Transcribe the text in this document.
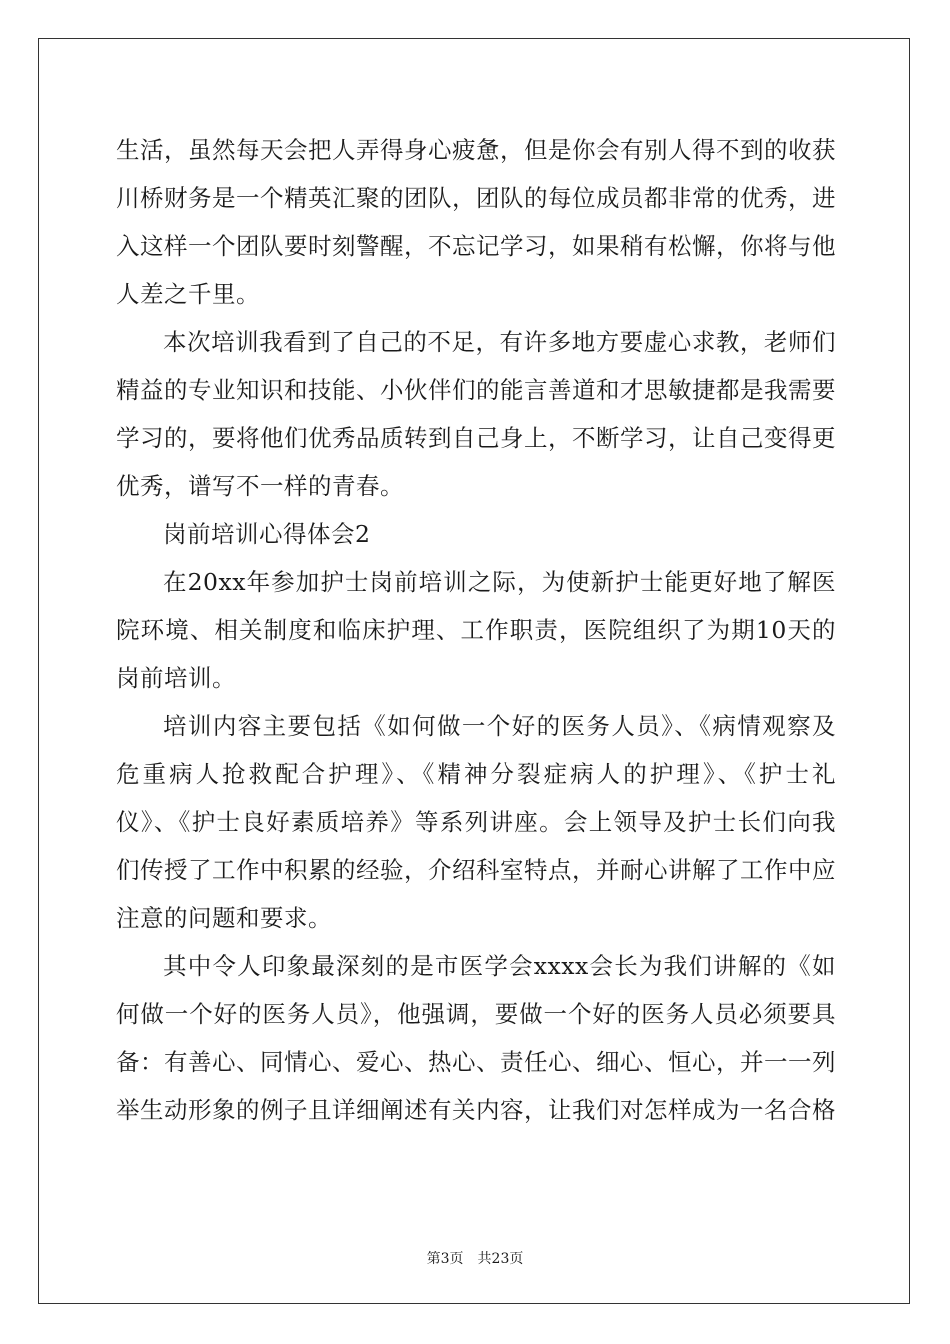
生活，虽然每天会把人弄得身心疲惫，但是你会有别人得不到的收获
川桥财务是一个精英汇聚的团队，团队的每位成员都非常的优秀，进
入这样一个团队要时刻警醒，不忘记学习，如果稍有松懈，你将与他
人差之千里。
本次培训我看到了自己的不足，有许多地方要虚心求教，老师们
精益的专业知识和技能、小伙伴们的能言善道和才思敏捷都是我需要
学习的，要将他们优秀品质转到自己身上，不断学习，让自己变得更
优秀，谱写不一样的青春。
岗前培训心得体会2
在20xx年参加护士岗前培训之际，为使新护士能更好地了解医
院环境、相关制度和临床护理、工作职责，医院组织了为期10天的
岗前培训。
培训内容主要包括《如何做一个好的医务人员》、《病情观察及
危重病人抢救配合护理》、《精神分裂症病人的护理》、《护士礼
仪》、《护士良好素质培养》等系列讲座。会上领导及护士长们向我
们传授了工作中积累的经验，介绍科室特点，并耐心讲解了工作中应
注意的问题和要求。
其中令人印象最深刻的是市医学会xxxx会长为我们讲解的《如
何做一个好的医务人员》，他强调，要做一个好的医务人员必须要具
备：有善心、同情心、爱心、热心、责任心、细心、恒心，并一一列
举生动形象的例子且详细阐述有关内容，让我们对怎样成为一名合格
第3页 共23页
